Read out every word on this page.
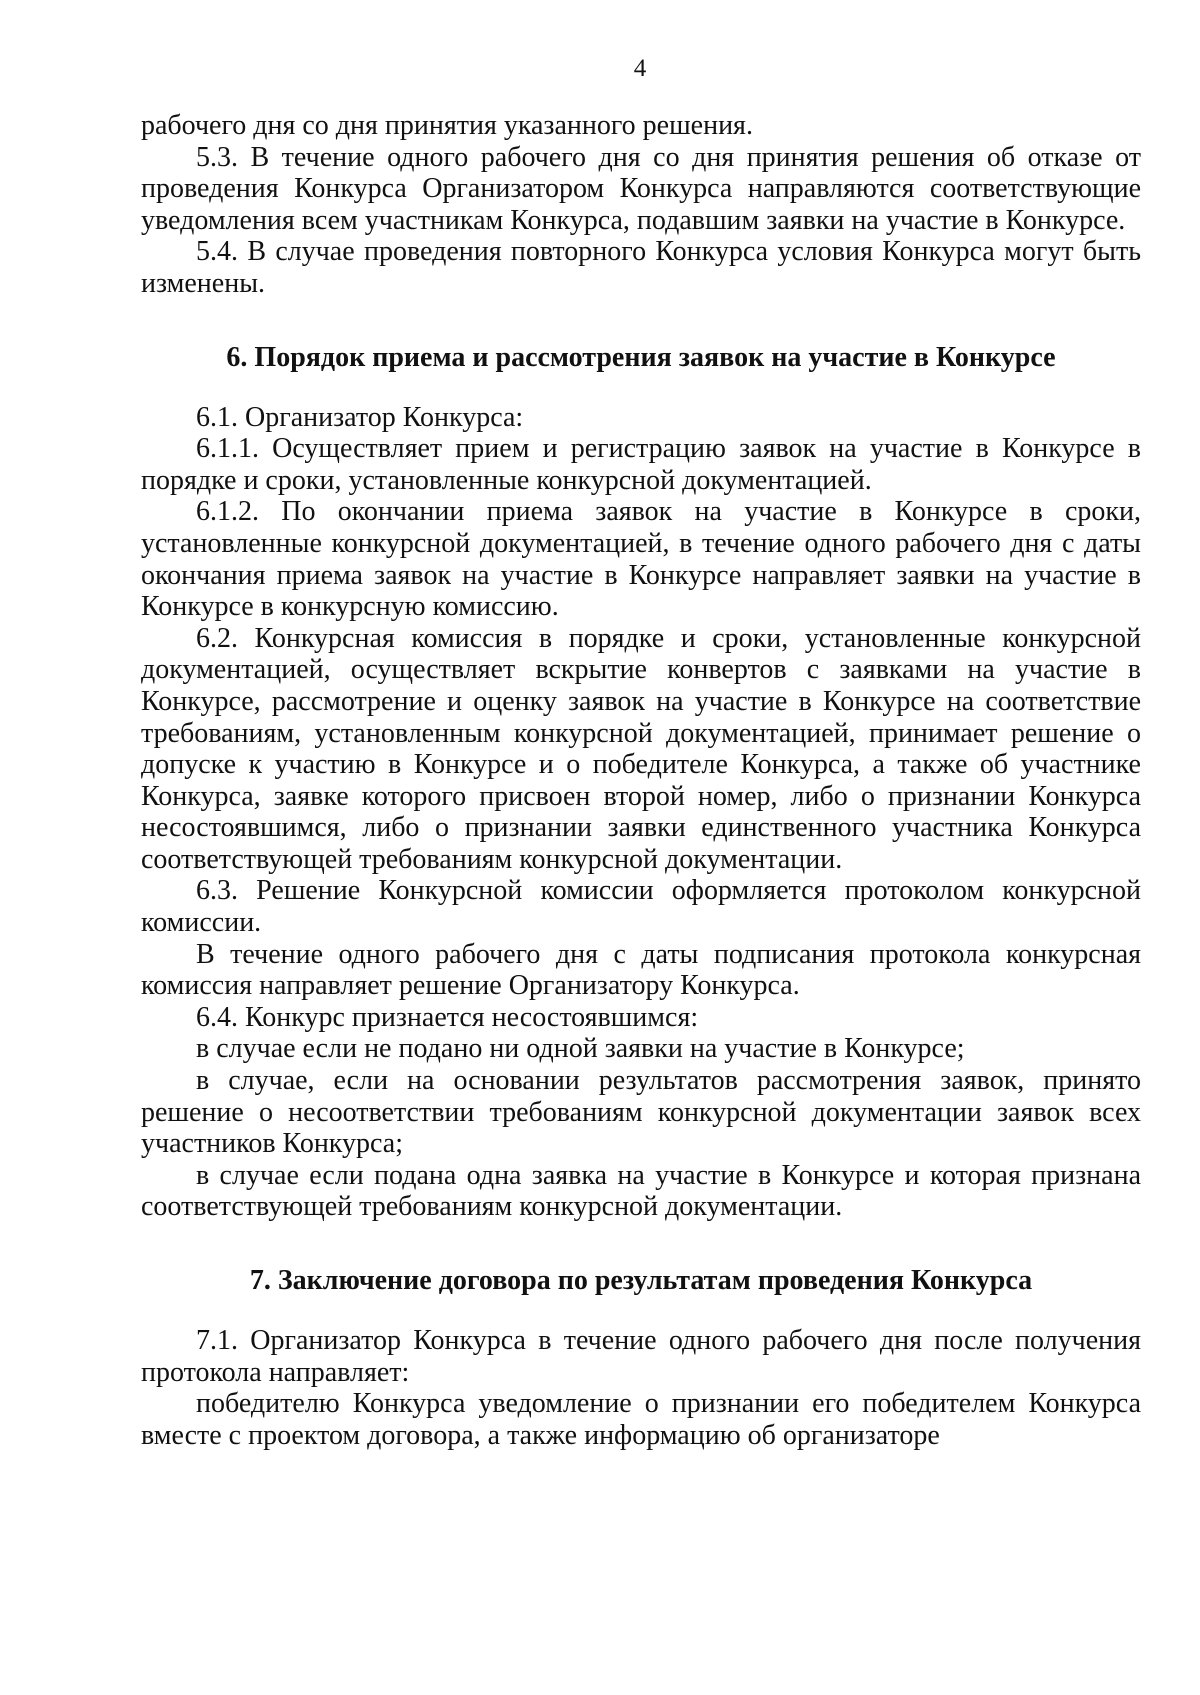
4

рабочего дня со дня принятия указанного решения.

5.3. В течение одного рабочего дня со дня принятия решения об отказе от проведения Конкурса Организатором Конкурса направляются соответствующие уведомления всем участникам Конкурса, подавшим заявки на участие в Конкурсе.

5.4. В случае проведения повторного Конкурса условия Конкурса могут быть изменены.

6. Порядок приема и рассмотрения заявок на участие в Конкурсе

6.1. Организатор Конкурса:

6.1.1. Осуществляет прием и регистрацию заявок на участие в Конкурсе в порядке и сроки, установленные конкурсной документацией.

6.1.2. По окончании приема заявок на участие в Конкурсе в сроки, установленные конкурсной документацией, в течение одного рабочего дня с даты окончания приема заявок на участие в Конкурсе направляет заявки на участие в Конкурсе в конкурсную комиссию.

6.2. Конкурсная комиссия в порядке и сроки, установленные конкурсной документацией, осуществляет вскрытие конвертов с заявками на участие в Конкурсе, рассмотрение и оценку заявок на участие в Конкурсе на соответствие требованиям, установленным конкурсной документацией, принимает решение о допуске к участию в Конкурсе и о победителе Конкурса, а также об участнике Конкурса, заявке которого присвоен второй номер, либо о признании Конкурса несостоявшимся, либо о признании заявки единственного участника Конкурса соответствующей требованиям конкурсной документации.

6.3. Решение Конкурсной комиссии оформляется протоколом конкурсной комиссии.

В течение одного рабочего дня с даты подписания протокола конкурсная комиссия направляет решение Организатору Конкурса.

6.4. Конкурс признается несостоявшимся:

в случае если не подано ни одной заявки на участие в Конкурсе;

в случае, если на основании результатов рассмотрения заявок, принято решение о несоответствии требованиям конкурсной документации заявок всех участников Конкурса;

в случае если подана одна заявка на участие в Конкурсе и которая признана соответствующей требованиям конкурсной документации.

7. Заключение договора по результатам проведения Конкурса

7.1. Организатор Конкурса в течение одного рабочего дня после получения протокола направляет:

победителю Конкурса уведомление о признании его победителем Конкурса вместе с проектом договора, а также информацию об организаторе
